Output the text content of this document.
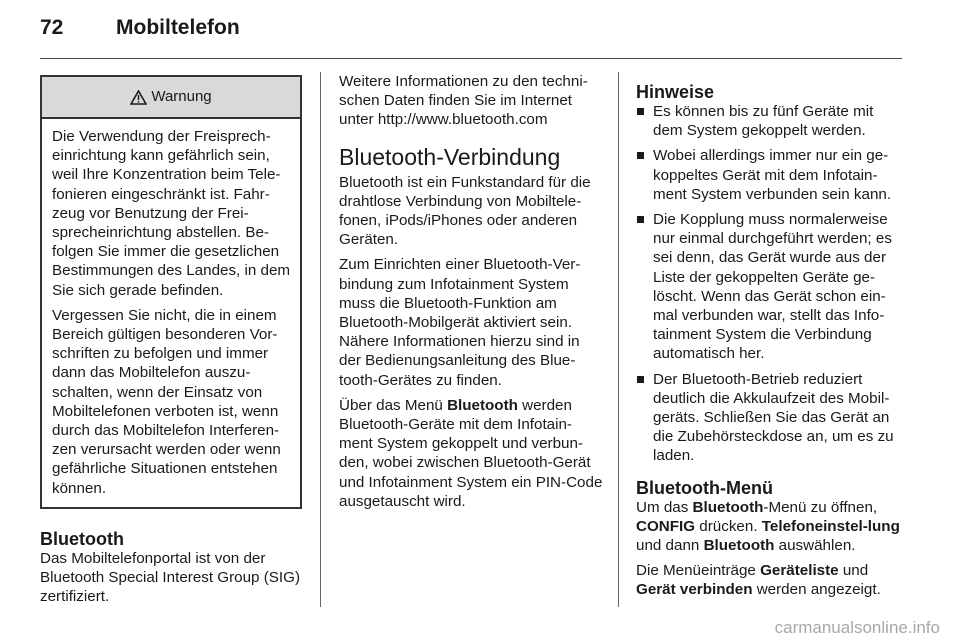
72	Mobiltelefon
Warnung

Die Verwendung der Freisprech-einrichtung kann gefährlich sein, weil Ihre Konzentration beim Tele-fonieren eingeschränkt ist. Fahr-zeug vor Benutzung der Frei-sprecheinrichtung abstellen. Be-folgen Sie immer die gesetzlichen Bestimmungen des Landes, in dem Sie sich gerade befinden.

Vergessen Sie nicht, die in einem Bereich gültigen besonderen Vor-schriften zu befolgen und immer dann das Mobiltelefon auszu-schalten, wenn der Einsatz von Mobiltelefonen verboten ist, wenn durch das Mobiltelefon Interferen-zen verursacht werden oder wenn gefährliche Situationen entstehen können.

Bluetooth

Das Mobiltelefonportal ist von der Bluetooth Special Interest Group (SIG) zertifiziert.

Weitere Informationen zu den techni-schen Daten finden Sie im Internet unter http://www.bluetooth.com

Bluetooth-Verbindung

Bluetooth ist ein Funkstandard für die drahtlose Verbindung von Mobiltele-fonen, iPods/iPhones oder anderen Geräten.

Zum Einrichten einer Bluetooth-Ver-bindung zum Infotainment System muss die Bluetooth-Funktion am Bluetooth-Mobilgerät aktiviert sein. Nähere Informationen hierzu sind in der Bedienungsanleitung des Blue-tooth-Gerätes zu finden.

Über das Menü Bluetooth werden Bluetooth-Geräte mit dem Infotain-ment System gekoppelt und verbun-den, wobei zwischen Bluetooth-Gerät und Infotainment System ein PIN-Code ausgetauscht wird.

Hinweise
Es können bis zu fünf Geräte mit dem System gekoppelt werden.
Wobei allerdings immer nur ein ge-koppeltes Gerät mit dem Infotain-ment System verbunden sein kann.
Die Kopplung muss normalerweise nur einmal durchgeführt werden; es sei denn, das Gerät wurde aus der Liste der gekoppelten Geräte ge-löscht. Wenn das Gerät schon ein-mal verbunden war, stellt das Info-tainment System die Verbindung automatisch her.
Der Bluetooth-Betrieb reduziert deutlich die Akkulaufzeit des Mobil-geräts. Schließen Sie das Gerät an die Zubehörsteckdose an, um es zu laden.
Bluetooth-Menü

Um das Bluetooth-Menü zu öffnen, CONFIG drücken. Telefoneinstel-lung und dann Bluetooth auswählen.

Die Menüeinträge Geräteliste und Gerät verbinden werden angezeigt.

carmanualsonline.info
